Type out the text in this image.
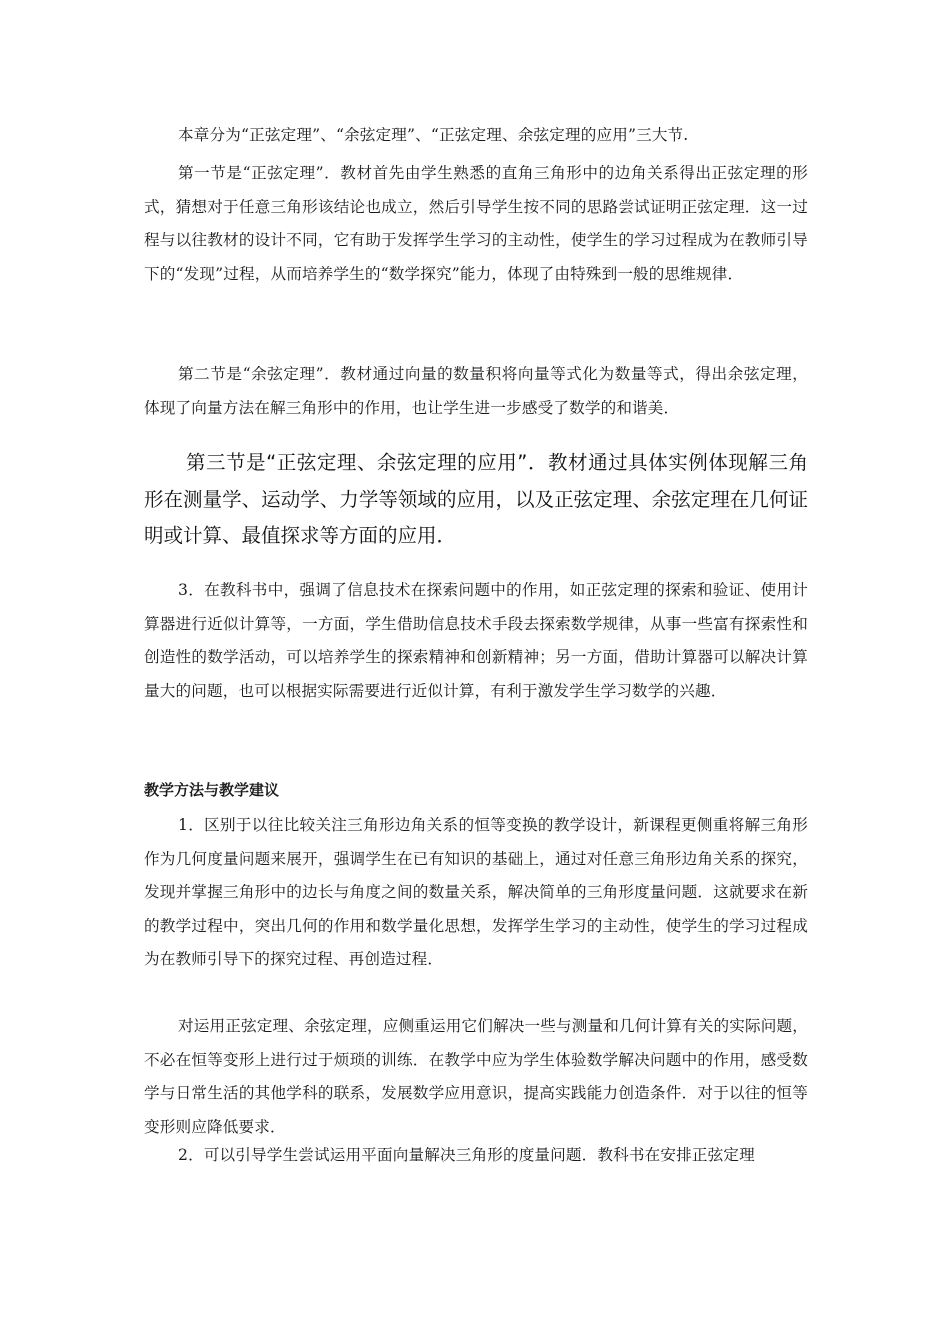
本章分为“正弦定理”、“余弦定理”、“正弦定理、余弦定理的应用”三大节.

第一节是“正弦定理”．教材首先由学生熟悉的直角三角形中的边角关系得出正弦定理的形式，猜想对于任意三角形该结论也成立，然后引导学生按不同的思路尝试证明正弦定理．这一过程与以往教材的设计不同，它有助于发挥学生学习的主动性，使学生的学习过程成为在教师引导下的“发现”过程，从而培养学生的“数学探究”能力，体现了由特殊到一般的思维规律．

第二节是“余弦定理”．教材通过向量的数量积将向量等式化为数量等式，得出余弦定理，体现了向量方法在解三角形中的作用，也让学生进一步感受了数学的和谐美．

第三节是“正弦定理、余弦定理的应用”．教材通过具体实例体现解三角形在测量学、运动学、力学等领域的应用，以及正弦定理、余弦定理在几何证明或计算、最值探求等方面的应用．

3．在教科书中，强调了信息技术在探索问题中的作用，如正弦定理的探索和验证、使用计算器进行近似计算等，一方面，学生借助信息技术手段去探索数学规律，从事一些富有探索性和创造性的数学活动，可以培养学生的探索精神和创新精神；另一方面，借助计算器可以解决计算量大的问题，也可以根据实际需要进行近似计算，有利于激发学生学习数学的兴趣．

教学方法与教学建议

1．区别于以往比较关注三角形边角关系的恒等变换的教学设计，新课程更侧重将解三角形作为几何度量问题来展开，强调学生在已有知识的基础上，通过对任意三角形边角关系的探究，发现并掌握三角形中的边长与角度之间的数量关系，解决简单的三角形度量问题．这就要求在新的教学过程中，突出几何的作用和数学量化思想，发挥学生学习的主动性，使学生的学习过程成为在教师引导下的探究过程、再创造过程．

对运用正弦定理、余弦定理，应侧重运用它们解决一些与测量和几何计算有关的实际问题，不必在恒等变形上进行过于烦琐的训练．在教学中应为学生体验数学解决问题中的作用，感受数学与日常生活的其他学科的联系，发展数学应用意识，提高实践能力创造条件．对于以往的恒等变形则应降低要求．

2．可以引导学生尝试运用平面向量解决三角形的度量问题．教科书在安排正弦定理
